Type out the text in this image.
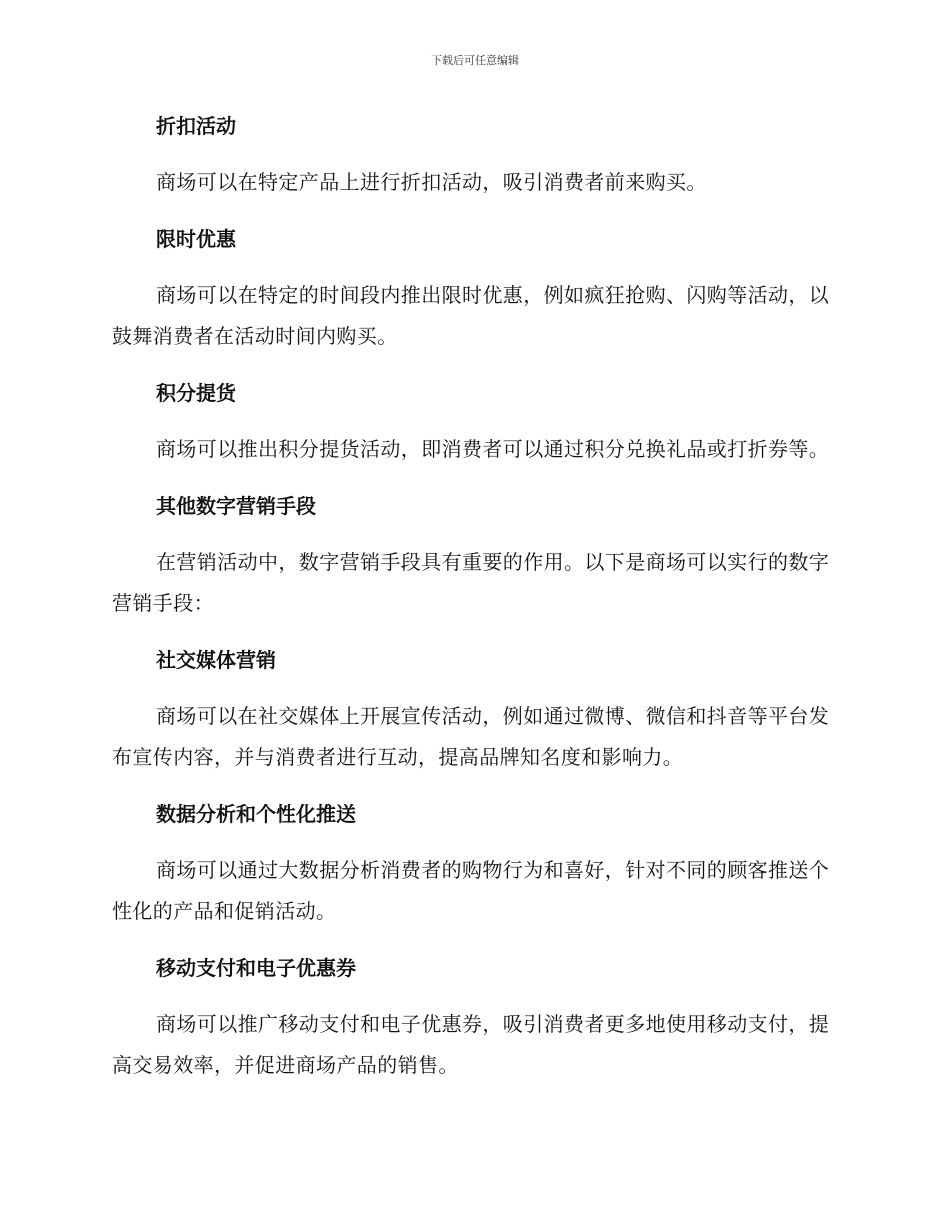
下载后可任意编辑
折扣活动

商场可以在特定产品上进行折扣活动，吸引消费者前来购买。

限时优惠

商场可以在特定的时间段内推出限时优惠，例如疯狂抢购、闪购等活动，以鼓舞消费者在活动时间内购买。

积分提货

商场可以推出积分提货活动，即消费者可以通过积分兑换礼品或打折券等。

其他数字营销手段

在营销活动中，数字营销手段具有重要的作用。以下是商场可以实行的数字营销手段：

社交媒体营销

商场可以在社交媒体上开展宣传活动，例如通过微博、微信和抖音等平台发布宣传内容，并与消费者进行互动，提高品牌知名度和影响力。

数据分析和个性化推送

商场可以通过大数据分析消费者的购物行为和喜好，针对不同的顾客推送个性化的产品和促销活动。

移动支付和电子优惠券

商场可以推广移动支付和电子优惠券，吸引消费者更多地使用移动支付，提高交易效率，并促进商场产品的销售。
